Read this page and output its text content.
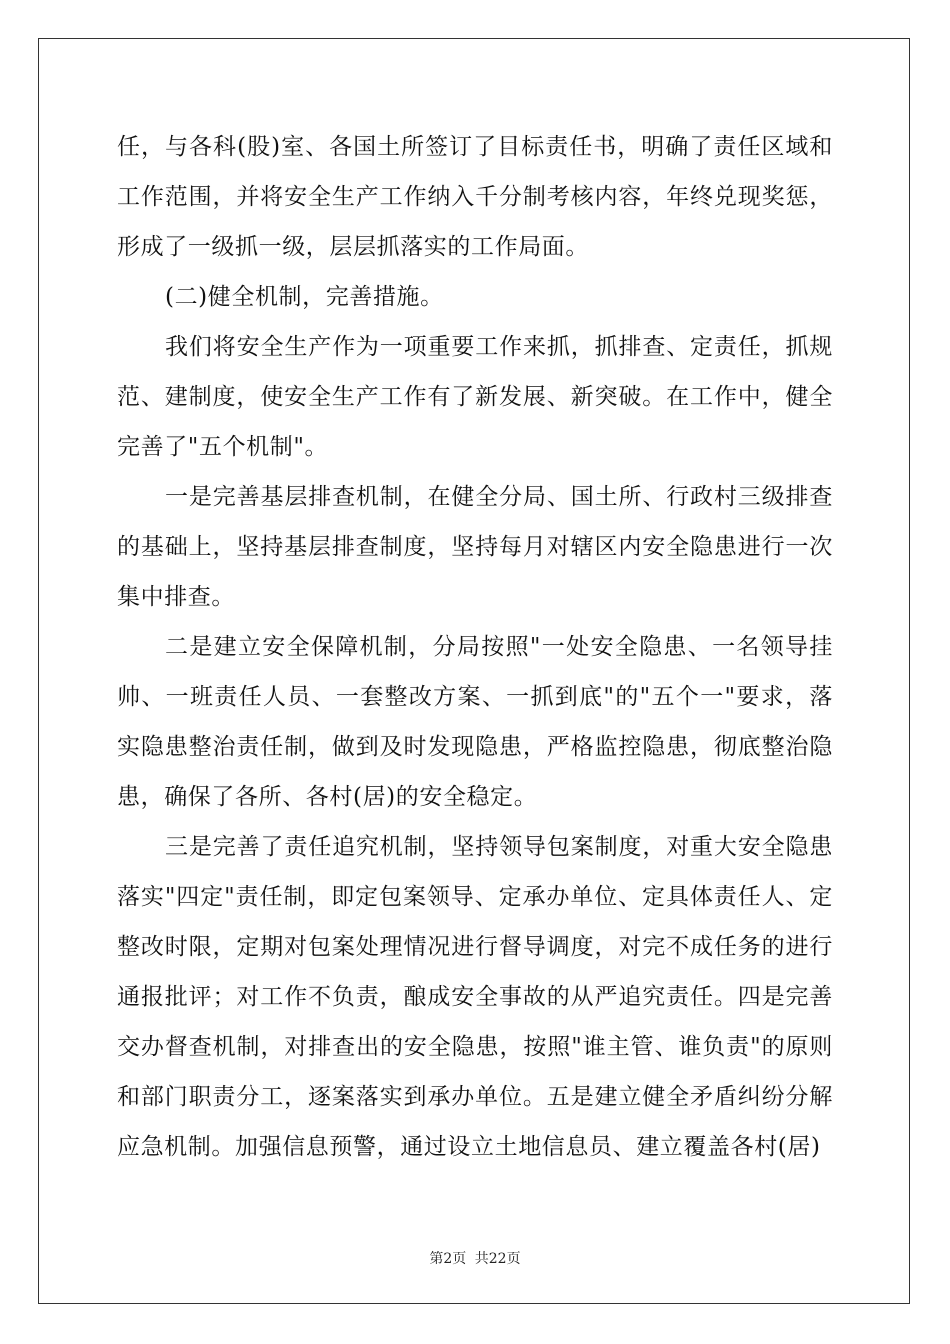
任，与各科(股)室、各国土所签订了目标责任书，明确了责任区域和工作范围，并将安全生产工作纳入千分制考核内容，年终兑现奖惩，形成了一级抓一级，层层抓落实的工作局面。

(二)健全机制，完善措施。

我们将安全生产作为一项重要工作来抓，抓排查、定责任，抓规范、建制度，使安全生产工作有了新发展、新突破。在工作中，健全完善了"五个机制"。

一是完善基层排查机制，在健全分局、国土所、行政村三级排查的基础上，坚持基层排查制度，坚持每月对辖区内安全隐患进行一次集中排查。

二是建立安全保障机制，分局按照"一处安全隐患、一名领导挂帅、一班责任人员、一套整改方案、一抓到底"的"五个一"要求，落实隐患整治责任制，做到及时发现隐患，严格监控隐患，彻底整治隐患，确保了各所、各村(居)的安全稳定。

三是完善了责任追究机制，坚持领导包案制度，对重大安全隐患落实"四定"责任制，即定包案领导、定承办单位、定具体责任人、定整改时限，定期对包案处理情况进行督导调度，对完不成任务的进行通报批评；对工作不负责，酿成安全事故的从严追究责任。四是完善交办督查机制，对排查出的安全隐患，按照"谁主管、谁负责"的原则和部门职责分工，逐案落实到承办单位。五是建立健全矛盾纠纷分解应急机制。加强信息预警，通过设立土地信息员、建立覆盖各村(居)

第2页 共22页
